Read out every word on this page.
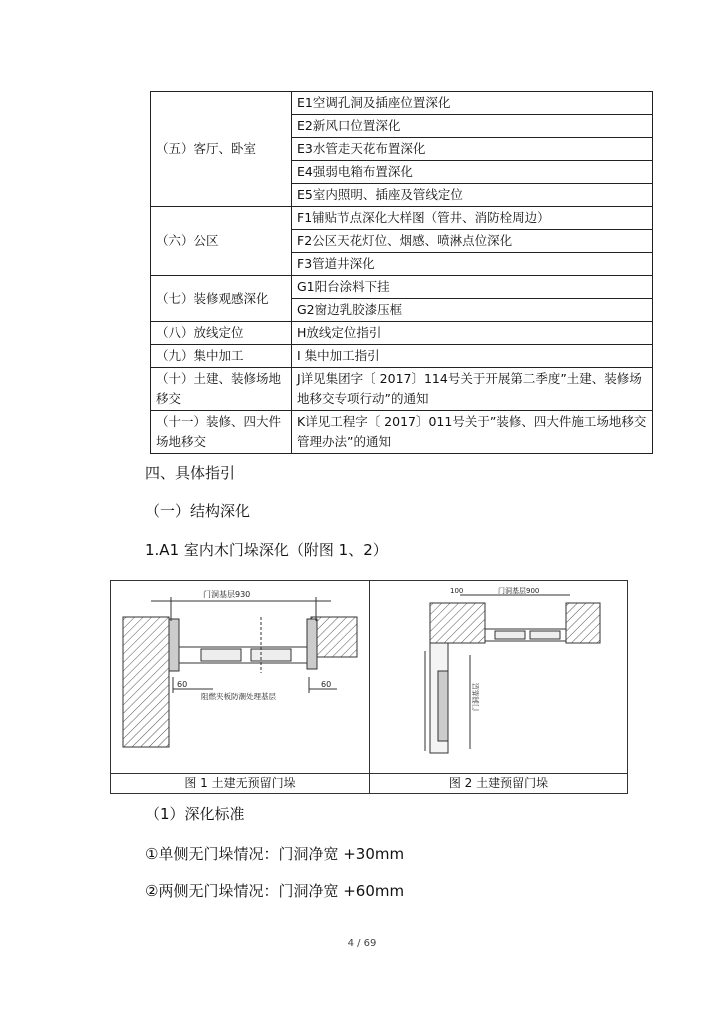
（五）客厅、卧室	E1空调孔洞及插座位置深化
	E2新风口位置深化
	E3水管走天花布置深化
	E4强弱电箱布置深化
	E5室内照明、插座及管线定位
（六）公区	F1铺贴节点深化大样图（管井、消防栓周边）
	F2公区天花灯位、烟感、喷淋点位深化
	F3管道井深化
（七）装修观感深化	G1阳台涂料下挂
	G2窗边乳胶漆压框
（八）放线定位	H放线定位指引
（九）集中加工	I 集中加工指引
（十）土建、装修场地移交	J详见集团字〔 2017〕114号关于开展第二季度”土建、装修场地移交专项行动”的通知
（十一）装修、四大件场地移交	K详见工程字〔 2017〕011号关于”装修、四大件施工场地移交管理办法”的通知
四、具体指引
（一）结构深化
1.A1 室内木门垛深化（附图 1、2）
门洞基层930
60	60
阻燃夹板防潮处理基层
门洞基层900
100
门洞基层
图 1 土建无预留门垛	图 2 土建预留门垛
（1）深化标准
①单侧无门垛情况：门洞净宽 +30mm
②两侧无门垛情况：门洞净宽 +60mm
4 / 69
